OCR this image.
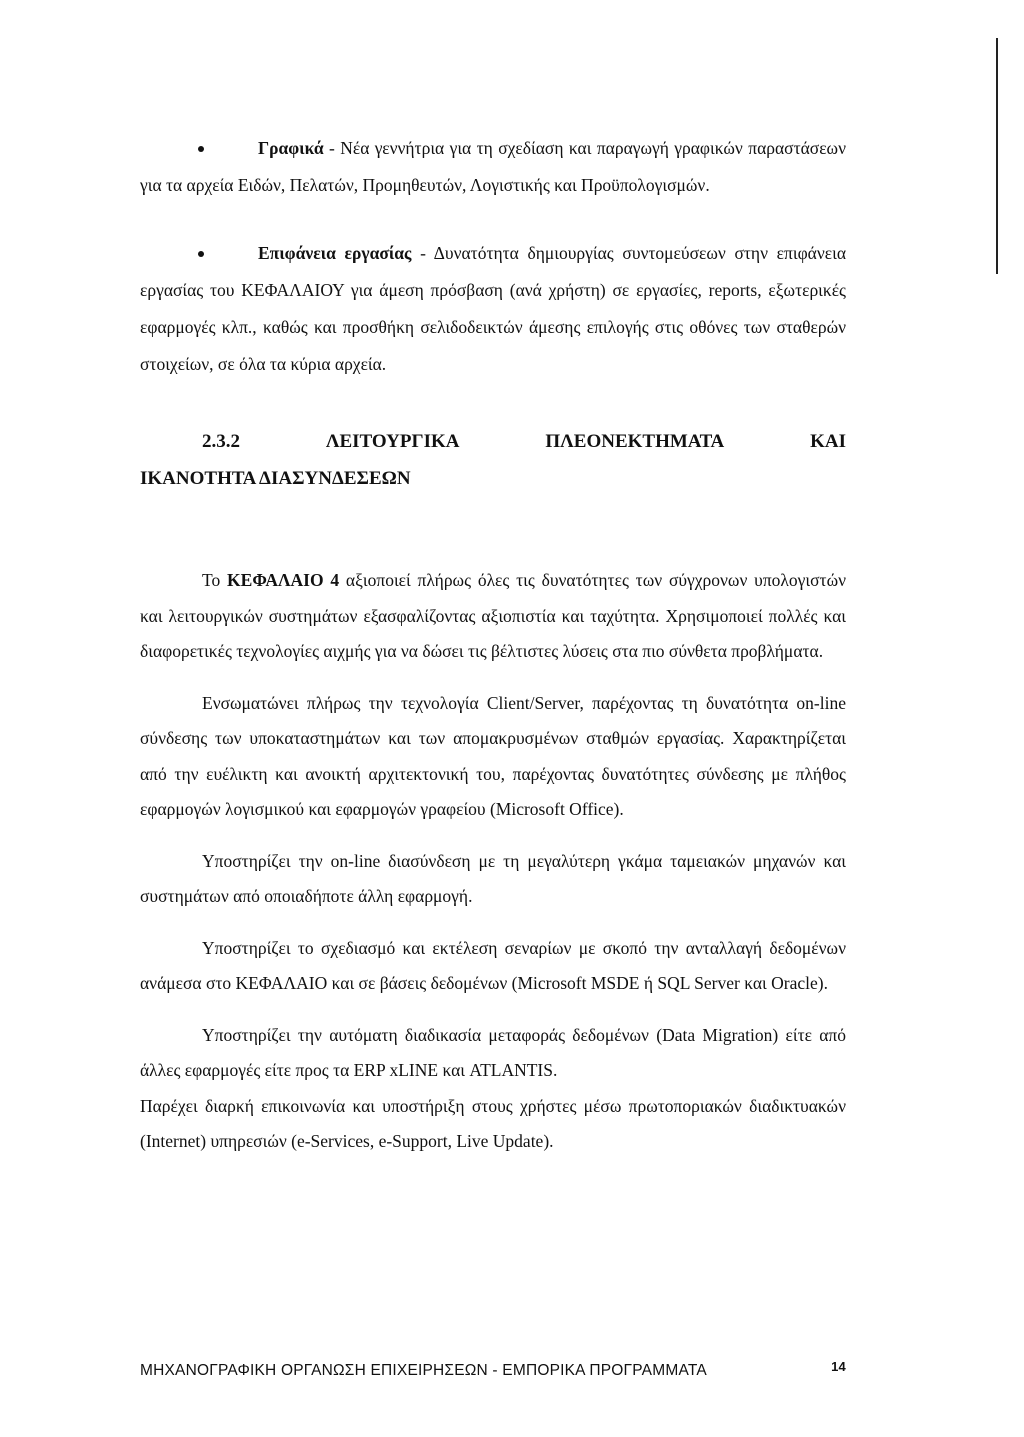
Γραφικά - Νέα γεννήτρια για τη σχεδίαση και παραγωγή γραφικών παραστάσεων για τα αρχεία Ειδών, Πελατών, Προμηθευτών, Λογιστικής και Προϋπολογισμών.
Επιφάνεια εργασίας - Δυνατότητα δημιουργίας συντομεύσεων στην επιφάνεια εργασίας του ΚΕΦΑΛΑΙΟΥ για άμεση πρόσβαση (ανά χρήστη) σε εργασίες, reports, εξωτερικές εφαρμογές κλπ., καθώς και προσθήκη σελιδοδεικτών άμεσης επιλογής στις οθόνες των σταθερών στοιχείων, σε όλα τα κύρια αρχεία.
2.3.2	ΛΕΙΤΟΥΡΓΙΚΑ	ΠΛΕΟΝΕΚΤΗΜΑΤΑ	ΚΑΙ
ΙΚΑΝΟΤΗΤΑ ΔΙΑΣΥΝΔΕΣΕΩΝ

Το ΚΕΦΑΛΑΙΟ 4 αξιοποιεί πλήρως όλες τις δυνατότητες των σύγχρονων υπολογιστών και λειτουργικών συστημάτων εξασφαλίζοντας αξιοπιστία και ταχύτητα. Χρησιμοποιεί πολλές και διαφορετικές τεχνολογίες αιχμής για να δώσει τις βέλτιστες λύσεις στα πιο σύνθετα προβλήματα.

Ενσωματώνει πλήρως την τεχνολογία Client/Server, παρέχοντας τη δυνατότητα on-line σύνδεσης των υποκαταστημάτων και των απομακρυσμένων σταθμών εργασίας. Χαρακτηρίζεται από την ευέλικτη και ανοικτή αρχιτεκτονική του, παρέχοντας δυνατότητες σύνδεσης με πλήθος εφαρμογών λογισμικού και εφαρμογών γραφείου (Microsoft Office).

Υποστηρίζει την on-line διασύνδεση με τη μεγαλύτερη γκάμα ταμειακών μηχανών και συστημάτων από οποιαδήποτε άλλη εφαρμογή.

Υποστηρίζει το σχεδιασμό και εκτέλεση σεναρίων με σκοπό την ανταλλαγή δεδομένων ανάμεσα στο ΚΕΦΑΛΑΙΟ και σε βάσεις δεδομένων (Microsoft MSDE ή SQL Server και Oracle).

Υποστηρίζει την αυτόματη διαδικασία μεταφοράς δεδομένων (Data Migration) είτε από άλλες εφαρμογές είτε προς τα ERP xLINE και ATLANTIS.

Παρέχει διαρκή επικοινωνία και υποστήριξη στους χρήστες μέσω πρωτοποριακών διαδικτυακών (Internet) υπηρεσιών (e-Services, e-Support, Live Update).

ΜΗΧΑΝΟΓΡΑΦΙΚΗ ΟΡΓΑΝΩΣΗ ΕΠΙΧΕΙΡΗΣΕΩΝ - ΕΜΠΟΡΙΚΑ ΠΡΟΓΡΑΜΜΑΤΑ	14
